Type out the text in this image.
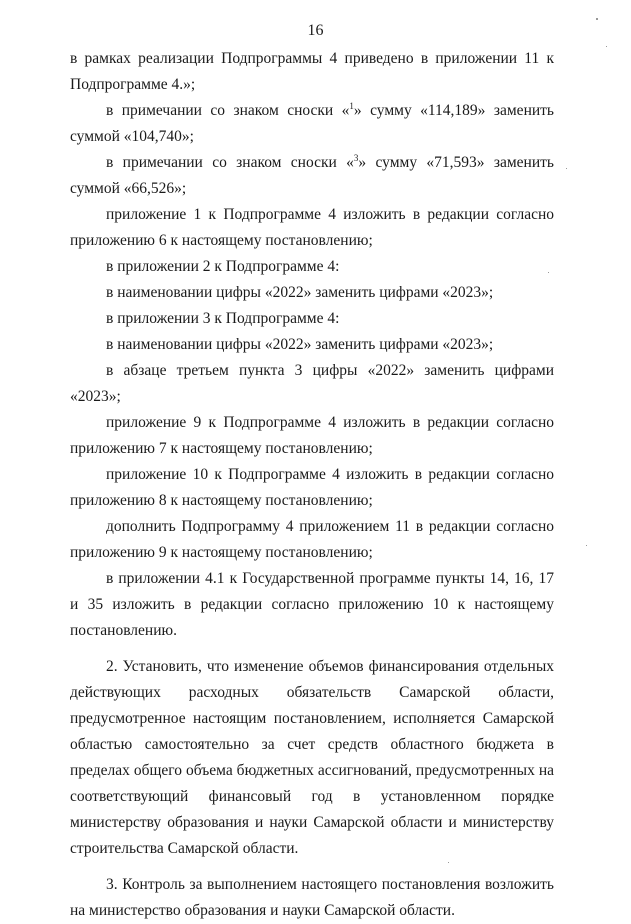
16

в рамках реализации Подпрограммы 4 приведено в приложении 11 к Подпрограмме 4.»;

в примечании со знаком сноски «$^1$» сумму «114,189» заменить суммой «104,740»;

в примечании со знаком сноски «$^3$» сумму «71,593» заменить суммой «66,526»;

приложение 1 к Подпрограмме 4 изложить в редакции согласно приложению 6 к настоящему постановлению;

в приложении 2 к Подпрограмме 4:

в наименовании цифры «2022» заменить цифрами «2023»;

в приложении 3 к Подпрограмме 4:

в наименовании цифры «2022» заменить цифрами «2023»;

в абзаце третьем пункта 3 цифры «2022» заменить цифрами «2023»;

приложение 9 к Подпрограмме 4 изложить в редакции согласно приложению 7 к настоящему постановлению;

приложение 10 к Подпрограмме 4 изложить в редакции согласно приложению 8 к настоящему постановлению;

дополнить Подпрограмму 4 приложением 11 в редакции согласно приложению 9 к настоящему постановлению;

в приложении 4.1 к Государственной программе пункты 14, 16, 17 и 35 изложить в редакции согласно приложению 10 к настоящему постановлению.

2. Установить, что изменение объемов финансирования отдельных действующих расходных обязательств Самарской области, предусмотренное настоящим постановлением, исполняется Самарской областью самостоятельно за счет средств областного бюджета в пределах общего объема бюджетных ассигнований, предусмотренных на соответствующий финансовый год в установленном порядке министерству образования и науки Самарской области и министерству строительства Самарской области.

3. Контроль за выполнением настоящего постановления возложить на министерство образования и науки Самарской области.
